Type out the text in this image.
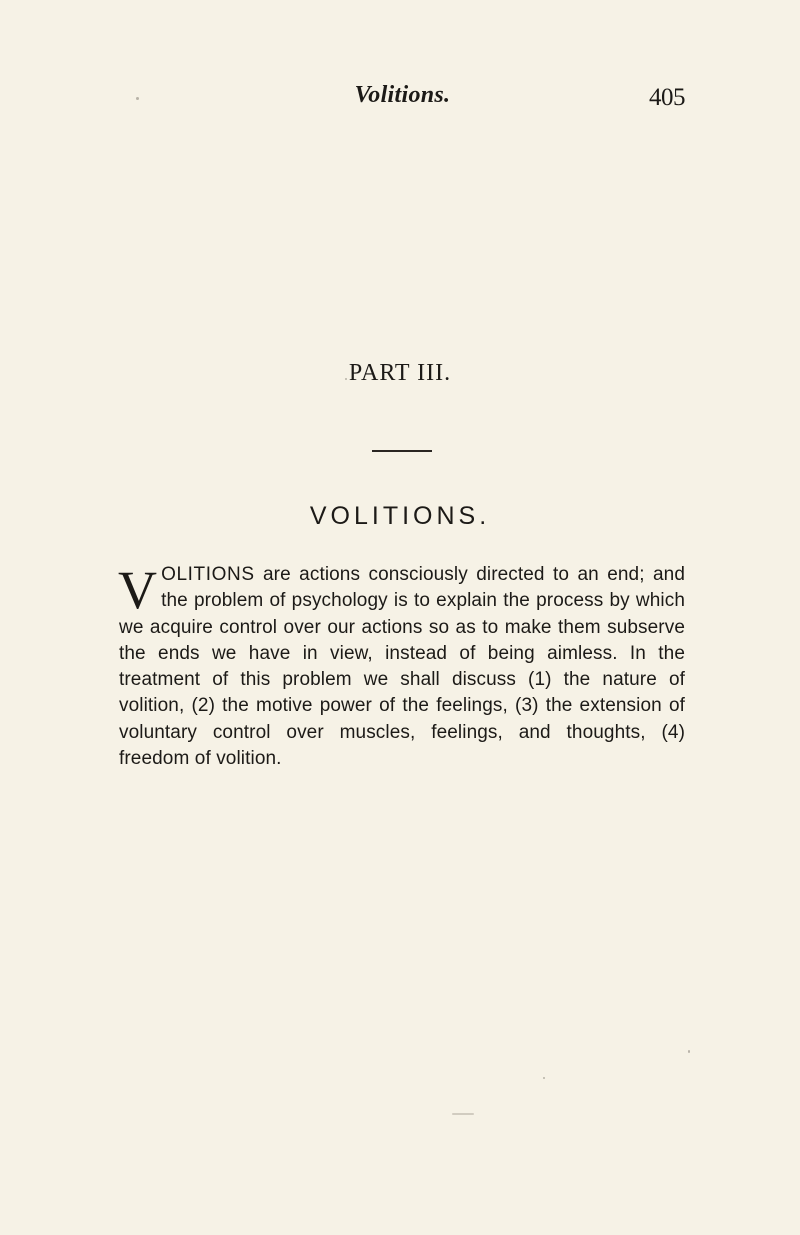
Volitions.	405
PART III.
VOLITIONS.
VOLITIONS are actions consciously directed to an end; and the problem of psychology is to explain the process by which we acquire control over our actions so as to make them subserve the ends we have in view, instead of being aimless. In the treatment of this problem we shall discuss (1) the nature of volition, (2) the motive power of the feelings, (3) the extension of voluntary control over muscles, feelings, and thoughts, (4) freedom of volition.
